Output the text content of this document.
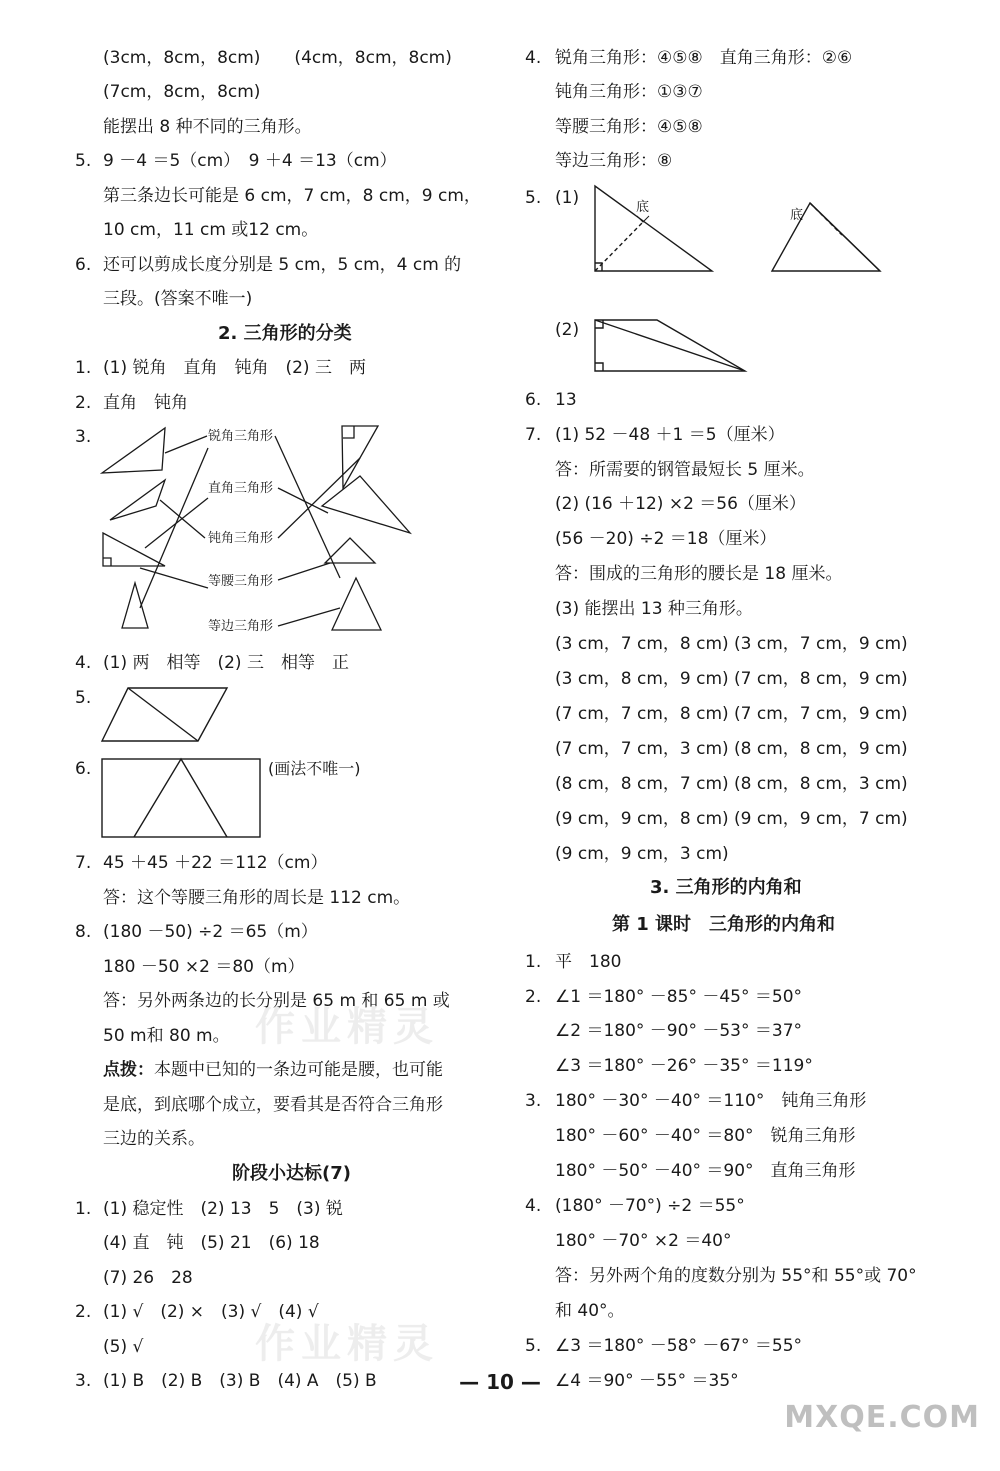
(3cm，8cm，8cm)　　(4cm，8cm，8cm)
(7cm，8cm，8cm)
能摆出 8 种不同的三角形。
5. 9 －4 ＝5（cm）　9 ＋4 ＝13（cm）
第三条边长可能是 6 cm，7 cm，8 cm，9 cm，
10 cm，11 cm 或12 cm。
6. 还可以剪成长度分别是 5 cm，5 cm，4 cm 的
三段。(答案不唯一)
2. 三角形的分类
1. (1) 锐角　直角　钝角　(2) 三　两
2. 直角　钝角
3.	锐角三角形
直角三角形
钝角三角形
等腰三角形
等边三角形
4. (1) 两　相等　(2) 三　相等　正
5.
6.	(画法不唯一)
7. 45 ＋45 ＋22 ＝112（cm）
答：这个等腰三角形的周长是 112 cm。
8. (180 －50) ÷2 ＝65（m）
180 －50 ×2 ＝80（m）
答：另外两条边的长分别是 65 m 和 65 m 或
50 m和 80 m。
点拨：本题中已知的一条边可能是腰，也可能
是底，到底哪个成立，要看其是否符合三角形
三边的关系。
阶段小达标(7)
1. (1) 稳定性　(2) 13　5　(3) 锐
(4) 直　钝　(5) 21　(6) 18
(7) 26　28
2. (1) √　(2) ×　(3) √　(4) √
(5) √
3. (1) B　(2) B　(3) B　(4) A　(5) B
4. 锐角三角形：④⑤⑧　直角三角形：②⑥
钝角三角形：①③⑦
等腰三角形：④⑤⑧
等边三角形：⑧
5. (1)	底
底
(2)
6. 13
7. (1) 52 －48 ＋1 ＝5（厘米）
答：所需要的钢管最短长 5 厘米。
(2) (16 ＋12) ×2 ＝56（厘米）
(56 －20) ÷2 ＝18（厘米）
答：围成的三角形的腰长是 18 厘米。
(3) 能摆出 13 种三角形。
(3 cm，7 cm，8 cm) (3 cm，7 cm，9 cm)
(3 cm，8 cm，9 cm) (7 cm，8 cm，9 cm)
(7 cm，7 cm，8 cm) (7 cm，7 cm，9 cm)
(7 cm，7 cm，3 cm) (8 cm，8 cm，9 cm)
(8 cm，8 cm，7 cm) (8 cm，8 cm，3 cm)
(9 cm，9 cm，8 cm) (9 cm，9 cm，7 cm)
(9 cm，9 cm，3 cm)
3. 三角形的内角和
第 1 课时　三角形的内角和
1. 平　180
2. ∠1 ＝180° －85° －45° ＝50°
∠2 ＝180° －90° －53° ＝37°
∠3 ＝180° －26° －35° ＝119°
3. 180° －30° －40° ＝110°　钝角三角形
180° －60° －40° ＝80°　锐角三角形
180° －50° －40° ＝90°　直角三角形
4. (180° －70°) ÷2 ＝55°
180° －70° ×2 ＝40°
答：另外两个角的度数分别为 55°和 55°或 70°
和 40°。
5. ∠3 ＝180° －58° －67° ＝55°
∠4 ＝90° －55° ＝35°
作业精灵
作业精灵
— 10 —
MXQE.COM
